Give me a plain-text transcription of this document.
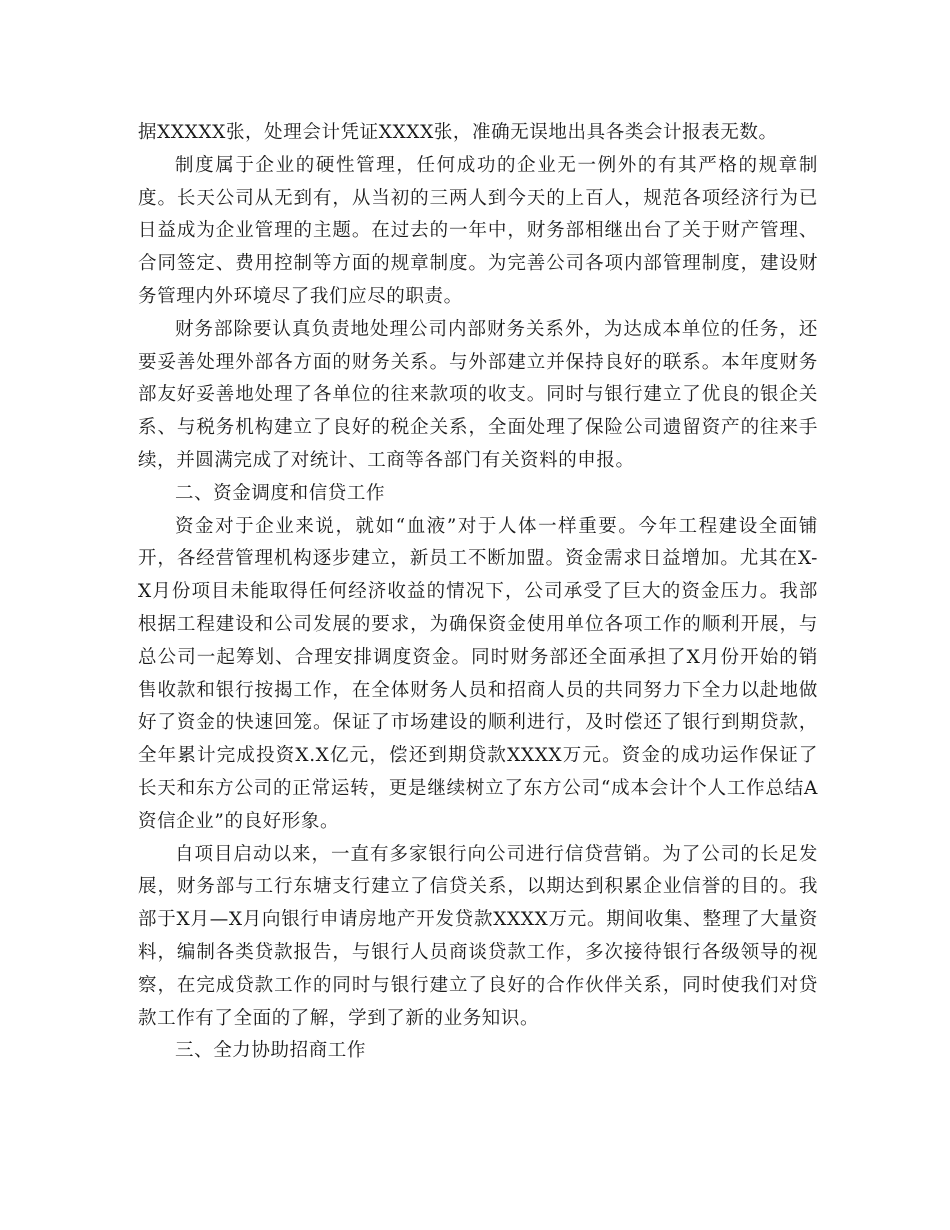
据XXXXX张，处理会计凭证XXXX张，准确无误地出具各类会计报表无数。

制度属于企业的硬性管理，任何成功的企业无一例外的有其严格的规章制度。长天公司从无到有，从当初的三两人到今天的上百人，规范各项经济行为已日益成为企业管理的主题。在过去的一年中，财务部相继出台了关于财产管理、合同签定、费用控制等方面的规章制度。为完善公司各项内部管理制度，建设财务管理内外环境尽了我们应尽的职责。

财务部除要认真负责地处理公司内部财务关系外，为达成本单位的任务，还要妥善处理外部各方面的财务关系。与外部建立并保持良好的联系。本年度财务部友好妥善地处理了各单位的往来款项的收支。同时与银行建立了优良的银企关系、与税务机构建立了良好的税企关系，全面处理了保险公司遗留资产的往来手续，并圆满完成了对统计、工商等各部门有关资料的申报。

二、资金调度和信贷工作

资金对于企业来说，就如“血液”对于人体一样重要。今年工程建设全面铺开，各经营管理机构逐步建立，新员工不断加盟。资金需求日益增加。尤其在X-X月份项目未能取得任何经济收益的情况下，公司承受了巨大的资金压力。我部根据工程建设和公司发展的要求，为确保资金使用单位各项工作的顺利开展，与总公司一起筹划、合理安排调度资金。同时财务部还全面承担了X月份开始的销售收款和银行按揭工作，在全体财务人员和招商人员的共同努力下全力以赴地做好了资金的快速回笼。保证了市场建设的顺利进行，及时偿还了银行到期贷款，全年累计完成投资X.X亿元，偿还到期贷款XXXX万元。资金的成功运作保证了长天和东方公司的正常运转，更是继续树立了东方公司“成本会计个人工作总结A资信企业”的良好形象。

自项目启动以来，一直有多家银行向公司进行信贷营销。为了公司的长足发展，财务部与工行东塘支行建立了信贷关系，以期达到积累企业信誉的目的。我部于X月—X月向银行申请房地产开发贷款XXXX万元。期间收集、整理了大量资料，编制各类贷款报告，与银行人员商谈贷款工作，多次接待银行各级领导的视察，在完成贷款工作的同时与银行建立了良好的合作伙伴关系，同时使我们对贷款工作有了全面的了解，学到了新的业务知识。

三、全力协助招商工作
